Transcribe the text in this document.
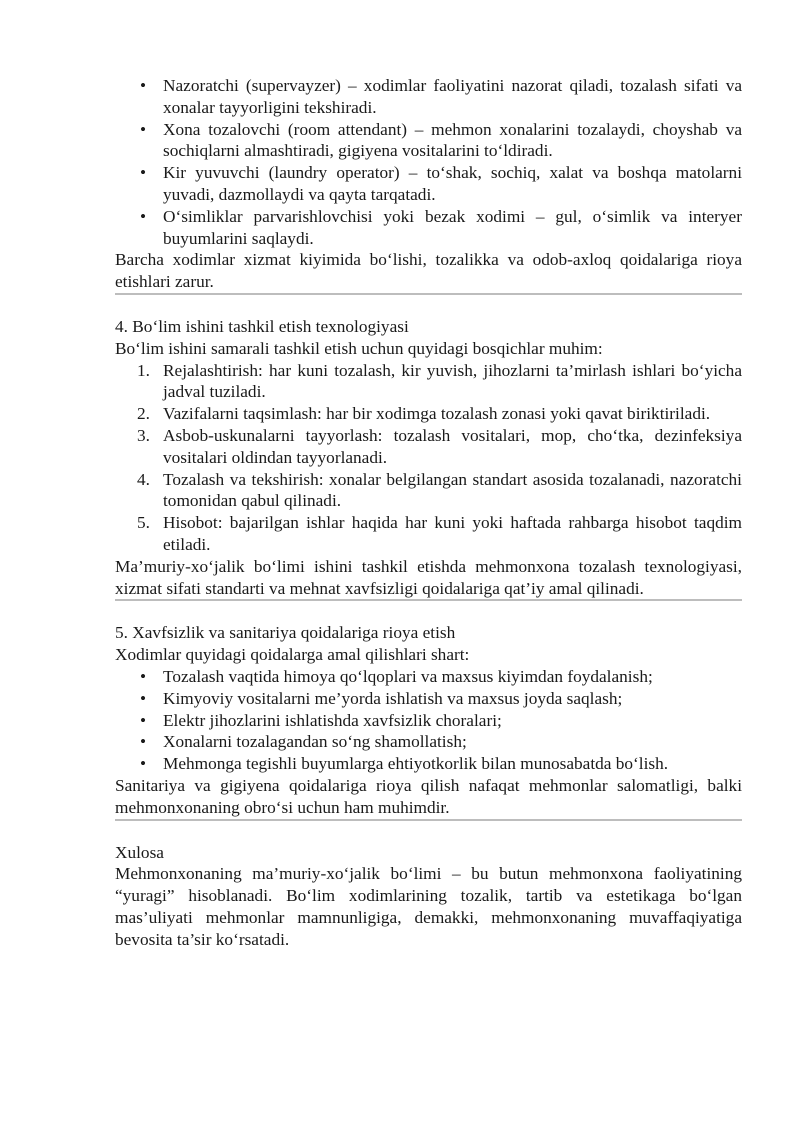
• Nazoratchi (supervayzer) – xodimlar faoliyatini nazorat qiladi, tozalash sifati va xonalar tayyorligini tekshiradi.
• Xona tozalovchi (room attendant) – mehmon xonalarini tozalaydi, choyshab va sochiqlarni almashtiradi, gigiyena vositalarini to‘ldiradi.
• Kir yuvuvchi (laundry operator) – to‘shak, sochiq, xalat va boshqa matolarni yuvadi, dazmollaydi va qayta tarqatadi.
• O‘simliklar parvarishlovchisi yoki bezak xodimi – gul, o‘simlik va interyer buyumlarini saqlaydi.

Barcha xodimlar xizmat kiyimida bo‘lishi, tozalikka va odob-axloq qoidalariga rioya etishlari zarur.

4. Bo‘lim ishini tashkil etish texnologiyasi

Bo‘lim ishini samarali tashkil etish uchun quyidagi bosqichlar muhim:

1. Rejalashtirish: har kuni tozalash, kir yuvish, jihozlarni ta’mirlash ishlari bo‘yicha jadval tuziladi.
2. Vazifalarni taqsimlash: har bir xodimga tozalash zonasi yoki qavat biriktiriladi.
3. Asbob-uskunalarni tayyorlash: tozalash vositalari, mop, cho‘tka, dezinfeksiya vositalari oldindan tayyorlanadi.
4. Tozalash va tekshirish: xonalar belgilangan standart asosida tozalanadi, nazoratchi tomonidan qabul qilinadi.
5. Hisobot: bajarilgan ishlar haqida har kuni yoki haftada rahbarga hisobot taqdim etiladi.

Ma’muriy-xo‘jalik bo‘limi ishini tashkil etishda mehmonxona tozalash texnologiyasi, xizmat sifati standarti va mehnat xavfsizligi qoidalariga qat’iy amal qilinadi.

5. Xavfsizlik va sanitariya qoidalariga rioya etish

Xodimlar quyidagi qoidalarga amal qilishlari shart:

• Tozalash vaqtida himoya qo‘lqoplari va maxsus kiyimdan foydalanish;
• Kimyoviy vositalarni me’yorda ishlatish va maxsus joyda saqlash;
• Elektr jihozlarini ishlatishda xavfsizlik choralari;
• Xonalarni tozalagandan so‘ng shamollatish;
• Mehmonga tegishli buyumlarga ehtiyotkorlik bilan munosabatda bo‘lish.

Sanitariya va gigiyena qoidalariga rioya qilish nafaqat mehmonlar salomatligi, balki mehmonxonaning obro‘si uchun ham muhimdir.

Xulosa

Mehmonxonaning ma’muriy-xo‘jalik bo‘limi – bu butun mehmonxona faoliyatining “yuragi” hisoblanadi. Bo‘lim xodimlarining tozalik, tartib va estetikaga bo‘lgan mas’uliyati mehmonlar mamnunligiga, demakki, mehmonxonaning muvaffaqiyatiga bevosita ta’sir ko‘rsatadi.
